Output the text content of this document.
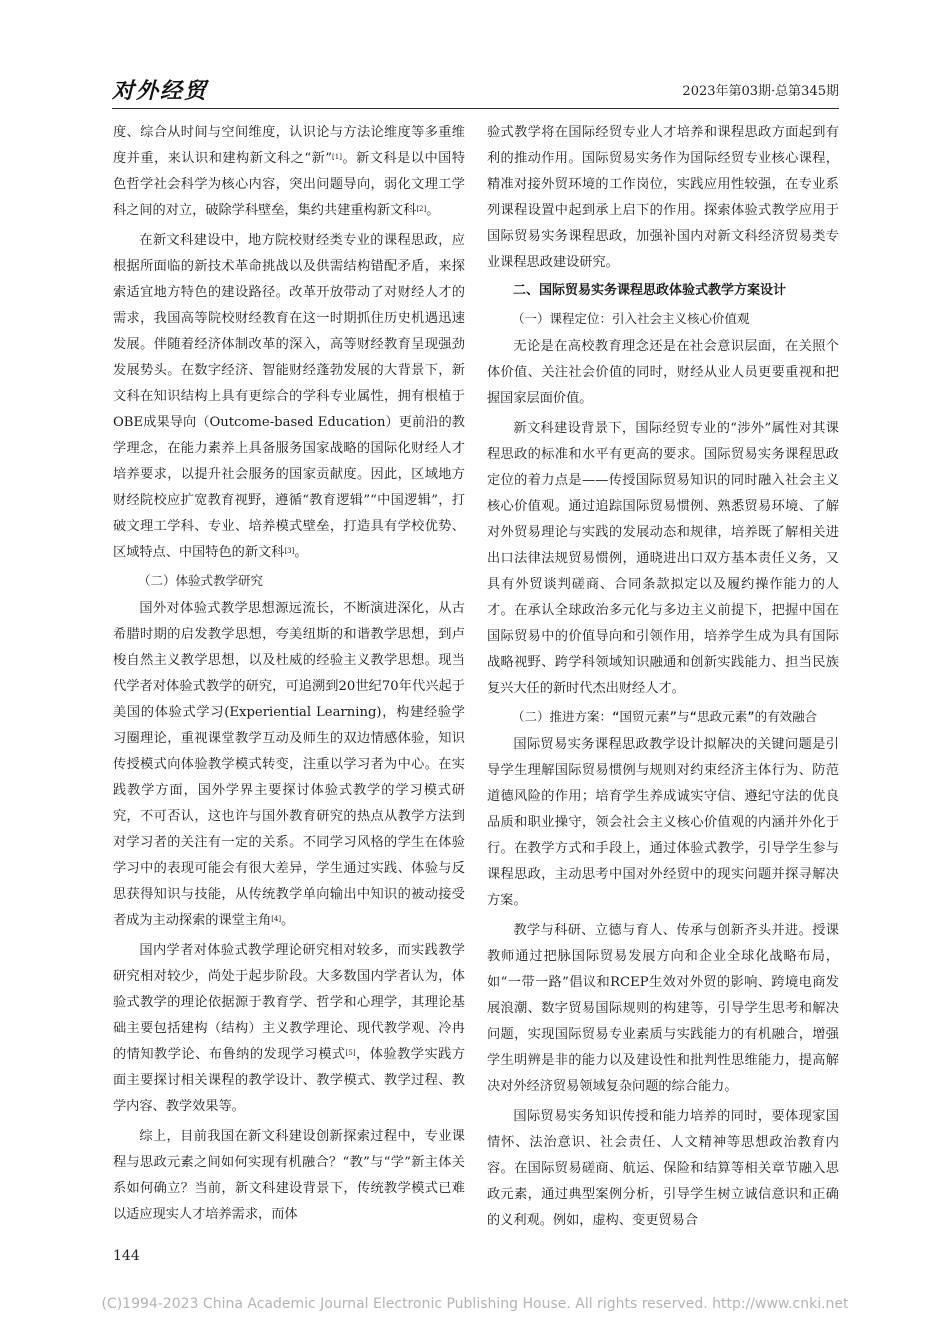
对外经贸	2023年第03期·总第345期

度、综合从时间与空间维度，认识论与方法论维度等多重维度并重，来认识和建构新文科之“新”[1]。新文科是以中国特色哲学社会科学为核心内容，突出问题导向，弱化文理工学科之间的对立，破除学科壁垒，集约共建重构新文科[2]。

在新文科建设中，地方院校财经类专业的课程思政，应根据所面临的新技术革命挑战以及供需结构错配矛盾，来探索适宜地方特色的建设路径。改革开放带动了对财经人才的需求，我国高等院校财经教育在这一时期抓住历史机遇迅速发展。伴随着经济体制改革的深入，高等财经教育呈现强劲发展势头。在数字经济、智能财经蓬勃发展的大背景下，新文科在知识结构上具有更综合的学科专业属性，拥有根植于OBE成果导向（Outcome-based Education）更前沿的教学理念，在能力素养上具备服务国家战略的国际化财经人才培养要求，以提升社会服务的国家贡献度。因此，区域地方财经院校应扩宽教育视野，遵循“教育逻辑”“中国逻辑”，打破文理工学科、专业、培养模式壁垒，打造具有学校优势、区域特点、中国特色的新文科[3]。

（二）体验式教学研究

国外对体验式教学思想源远流长，不断演进深化，从古希腊时期的启发教学思想，夸美纽斯的和谐教学思想，到卢梭自然主义教学思想，以及杜威的经验主义教学思想。现当代学者对体验式教学的研究，可追溯到20世纪70年代兴起于美国的体验式学习(Experiential Learning)，构建经验学习圈理论，重视课堂教学互动及师生的双边情感体验，知识传授模式向体验教学模式转变，注重以学习者为中心。在实践教学方面，国外学界主要探讨体验式教学的学习模式研究，不可否认，这也许与国外教育研究的热点从教学方法到对学习者的关注有一定的关系。不同学习风格的学生在体验学习中的表现可能会有很大差异，学生通过实践、体验与反思获得知识与技能，从传统教学单向输出中知识的被动接受者成为主动探索的课堂主角[4]。

国内学者对体验式教学理论研究相对较多，而实践教学研究相对较少，尚处于起步阶段。大多数国内学者认为，体验式教学的理论依据源于教育学、哲学和心理学，其理论基础主要包括建构（结构）主义教学理论、现代教学观、冷冉的情知教学论、布鲁纳的发现学习模式[5]，体验教学实践方面主要探讨相关课程的教学设计、教学模式、教学过程、教学内容、教学效果等。

综上，目前我国在新文科建设创新探索过程中，专业课程与思政元素之间如何实现有机融合？“教”与“学”新主体关系如何确立？当前，新文科建设背景下，传统教学模式已难以适应现实人才培养需求，而体

验式教学将在国际经贸专业人才培养和课程思政方面起到有利的推动作用。国际贸易实务作为国际经贸专业核心课程，精准对接外贸环境的工作岗位，实践应用性较强，在专业系列课程设置中起到承上启下的作用。探索体验式教学应用于国际贸易实务课程思政，加强补国内对新文科经济贸易类专业课程思政建设研究。

二、国际贸易实务课程思政体验式教学方案设计
（一）课程定位：引入社会主义核心价值观

无论是在高校教育理念还是在社会意识层面，在关照个体价值、关注社会价值的同时，财经从业人员更要重视和把握国家层面价值。

新文科建设背景下，国际经贸专业的“涉外”属性对其课程思政的标准和水平有更高的要求。国际贸易实务课程思政定位的着力点是——传授国际贸易知识的同时融入社会主义核心价值观。通过追踪国际贸易惯例、熟悉贸易环境、了解对外贸易理论与实践的发展动态和规律，培养既了解相关进出口法律法规贸易惯例，通晓进出口双方基本责任义务，又具有外贸谈判磋商、合同条款拟定以及履约操作能力的人才。在承认全球政治多元化与多边主义前提下，把握中国在国际贸易中的价值导向和引领作用，培养学生成为具有国际战略视野、跨学科领域知识融通和创新实践能力、担当民族复兴大任的新时代杰出财经人才。

（二）推进方案：“国贸元素”与“思政元素”的有效融合

国际贸易实务课程思政教学设计拟解决的关键问题是引导学生理解国际贸易惯例与规则对约束经济主体行为、防范道德风险的作用；培育学生养成诚实守信、遵纪守法的优良品质和职业操守，领会社会主义核心价值观的内涵并外化于行。在教学方式和手段上，通过体验式教学，引导学生参与课程思政，主动思考中国对外经贸中的现实问题并探寻解决方案。

教学与科研、立德与育人、传承与创新齐头并进。授课教师通过把脉国际贸易发展方向和企业全球化战略布局，如“一带一路”倡议和RCEP生效对外贸的影响、跨境电商发展浪潮、数字贸易国际规则的构建等，引导学生思考和解决问题，实现国际贸易专业素质与实践能力的有机融合，增强学生明辨是非的能力以及建设性和批判性思维能力，提高解决对外经济贸易领域复杂问题的综合能力。

国际贸易实务知识传授和能力培养的同时，要体现家国情怀、法治意识、社会责任、人文精神等思想政治教育内容。在国际贸易磋商、航运、保险和结算等相关章节融入思政元素，通过典型案例分析，引导学生树立诚信意识和正确的义利观。例如，虚构、变更贸易合

144
(C)1994-2023 China Academic Journal Electronic Publishing House. All rights reserved. http://www.cnki.net
